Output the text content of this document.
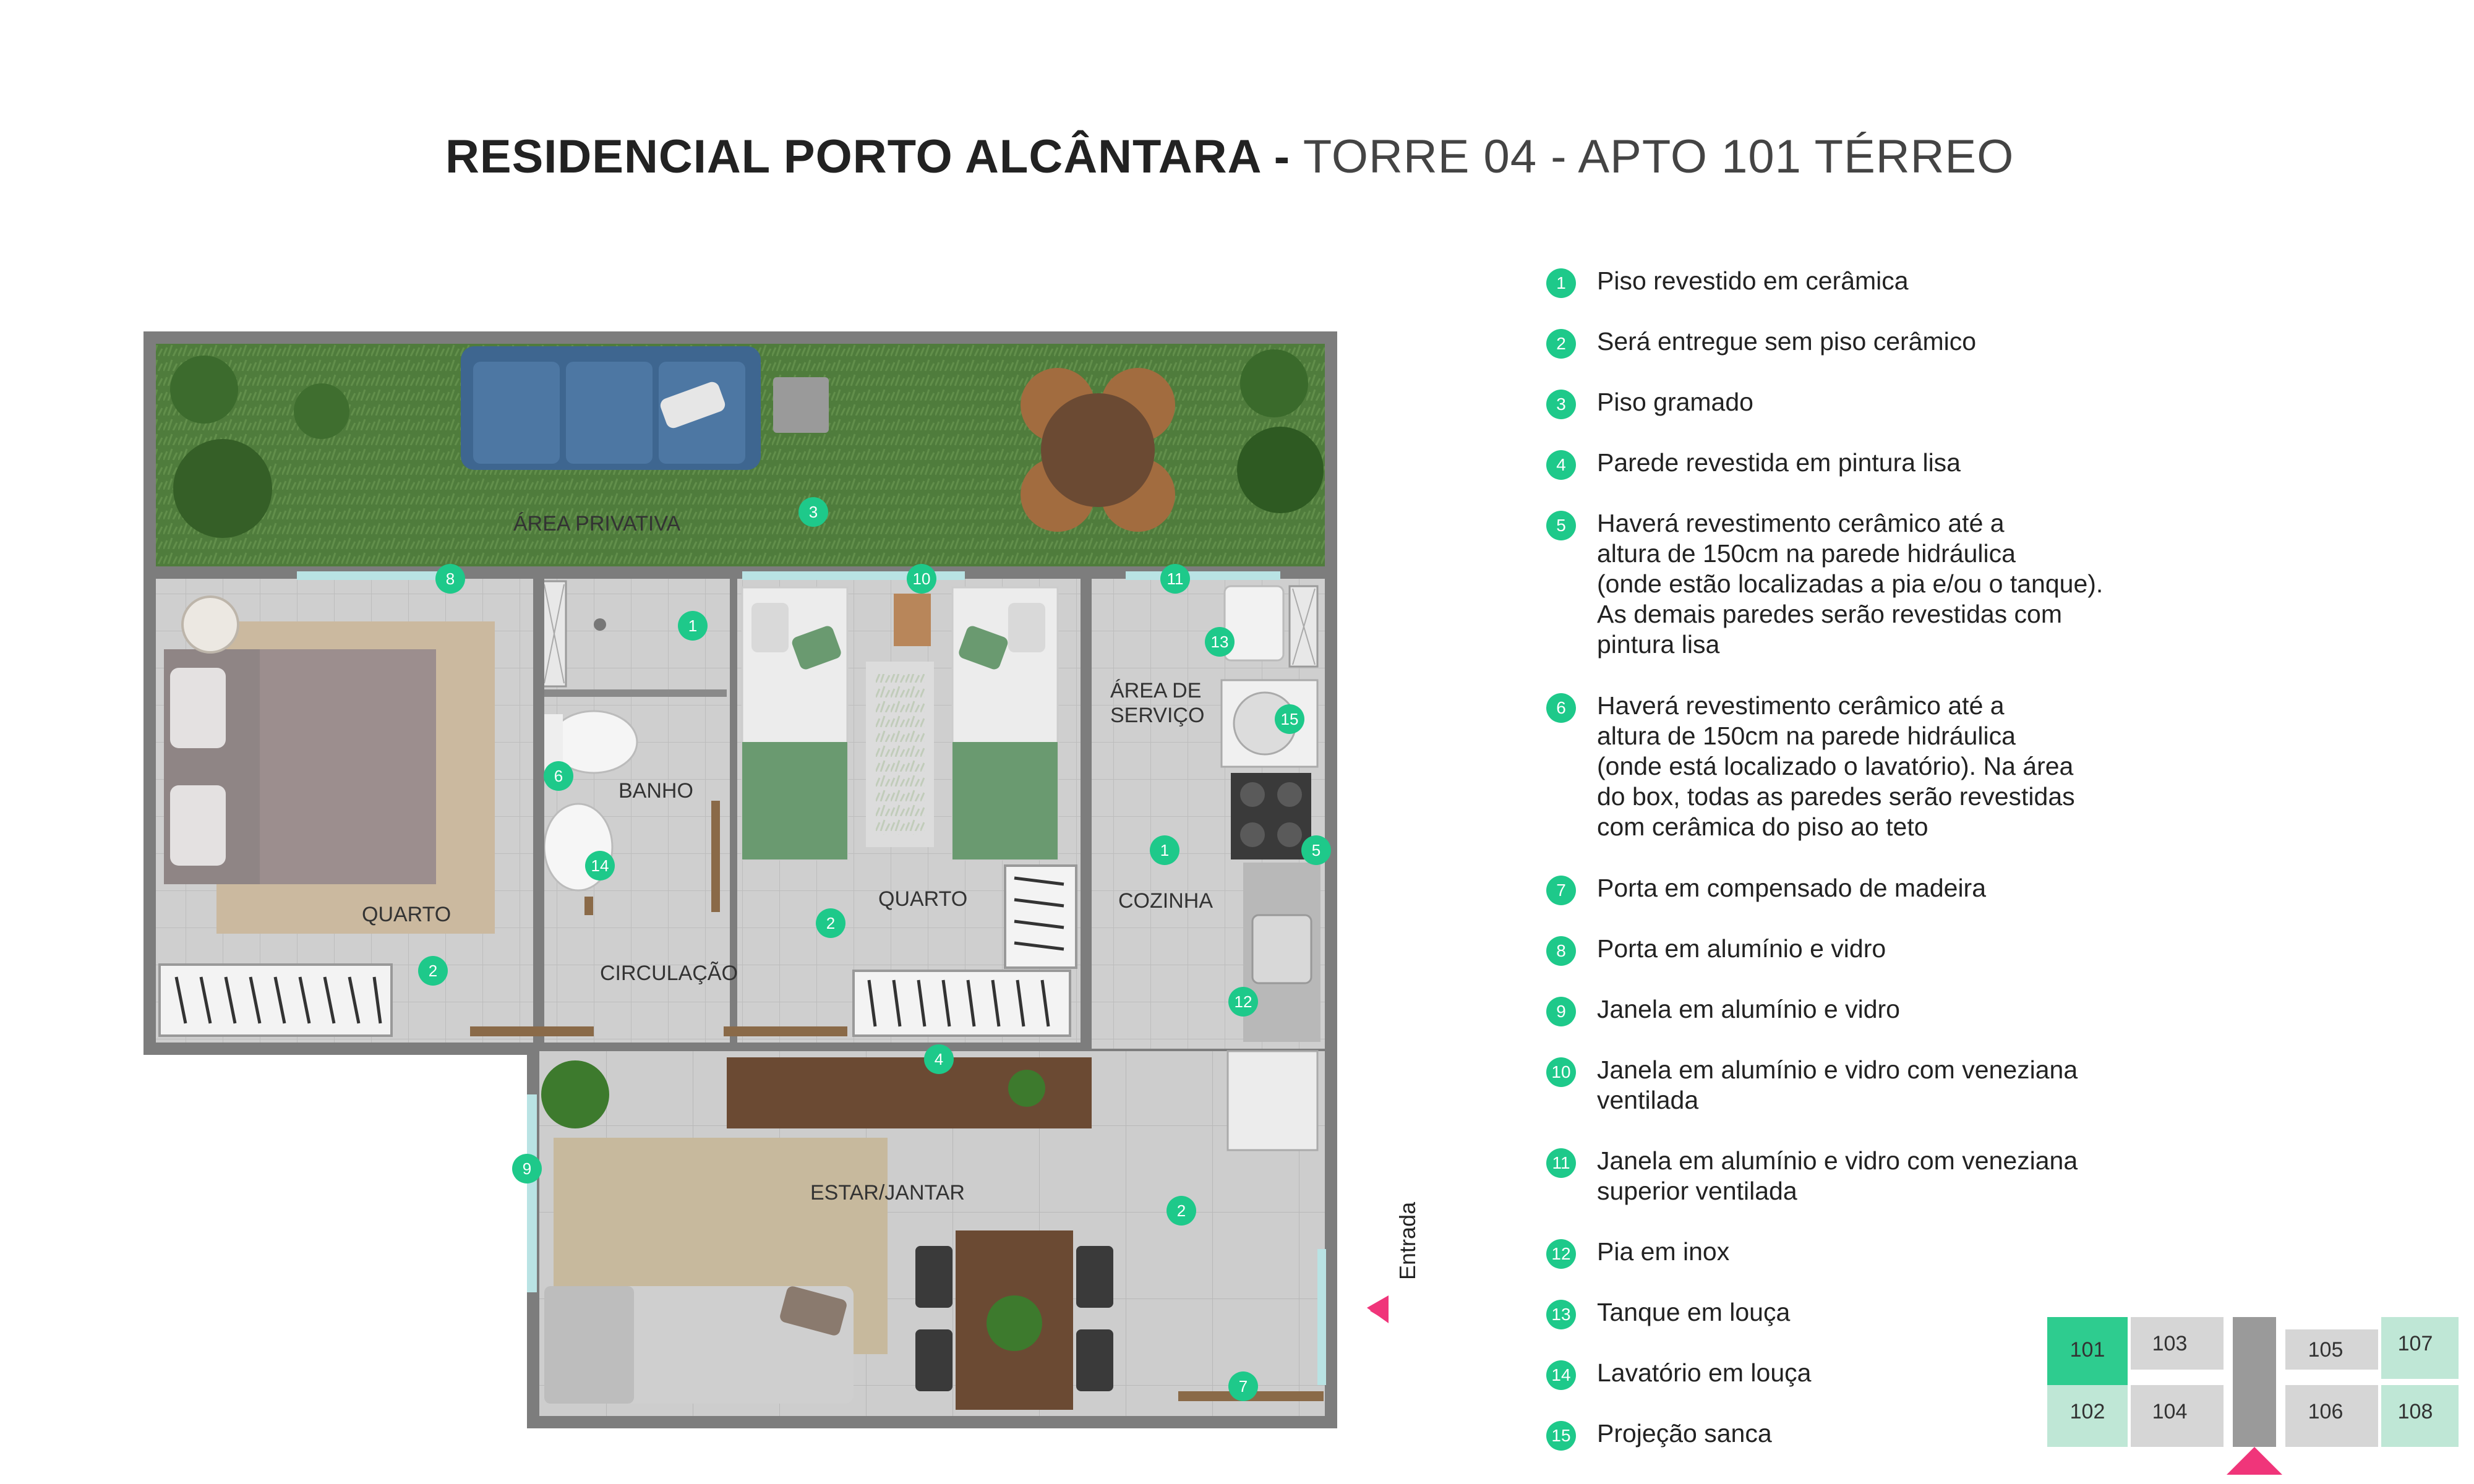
RESIDENCIAL PORTO ALCÂNTARA - TORRE 04 - APTO 101 TÉRREO
ÁREA PRIVATIVA
QUARTO
BANHO
CIRCULAÇÃO
QUARTO
ÁREA DE
SERVIÇO
COZINHA
ESTAR/JANTAR
3
8	10	11
1
13
15
6
14
1	5
2
2
12
4
9
2
7
101 103	105	107
102 104	106	108
Entrada
1	Piso revestido em cerâmica
2	Será entregue sem piso cerâmico
3	Piso gramado
4	Parede revestida em pintura lisa
5	Haverá revestimento cerâmico até a
altura de 150cm na parede hidráulica
(onde estão localizadas a pia e/ou o tanque).
As demais paredes serão revestidas com
pintura lisa
6	Haverá revestimento cerâmico até a
altura de 150cm na parede hidráulica
(onde está localizado o lavatório). Na área
do box, todas as paredes serão revestidas
com cerâmica do piso ao teto
7	Porta em compensado de madeira
8	Porta em alumínio e vidro
9	Janela em alumínio e vidro
10 Janela em alumínio e vidro com veneziana
ventilada
11 Janela em alumínio e vidro com veneziana
superior ventilada
12 Pia em inox
13 Tanque em louça
14 Lavatório em louça
15 Projeção sanca
